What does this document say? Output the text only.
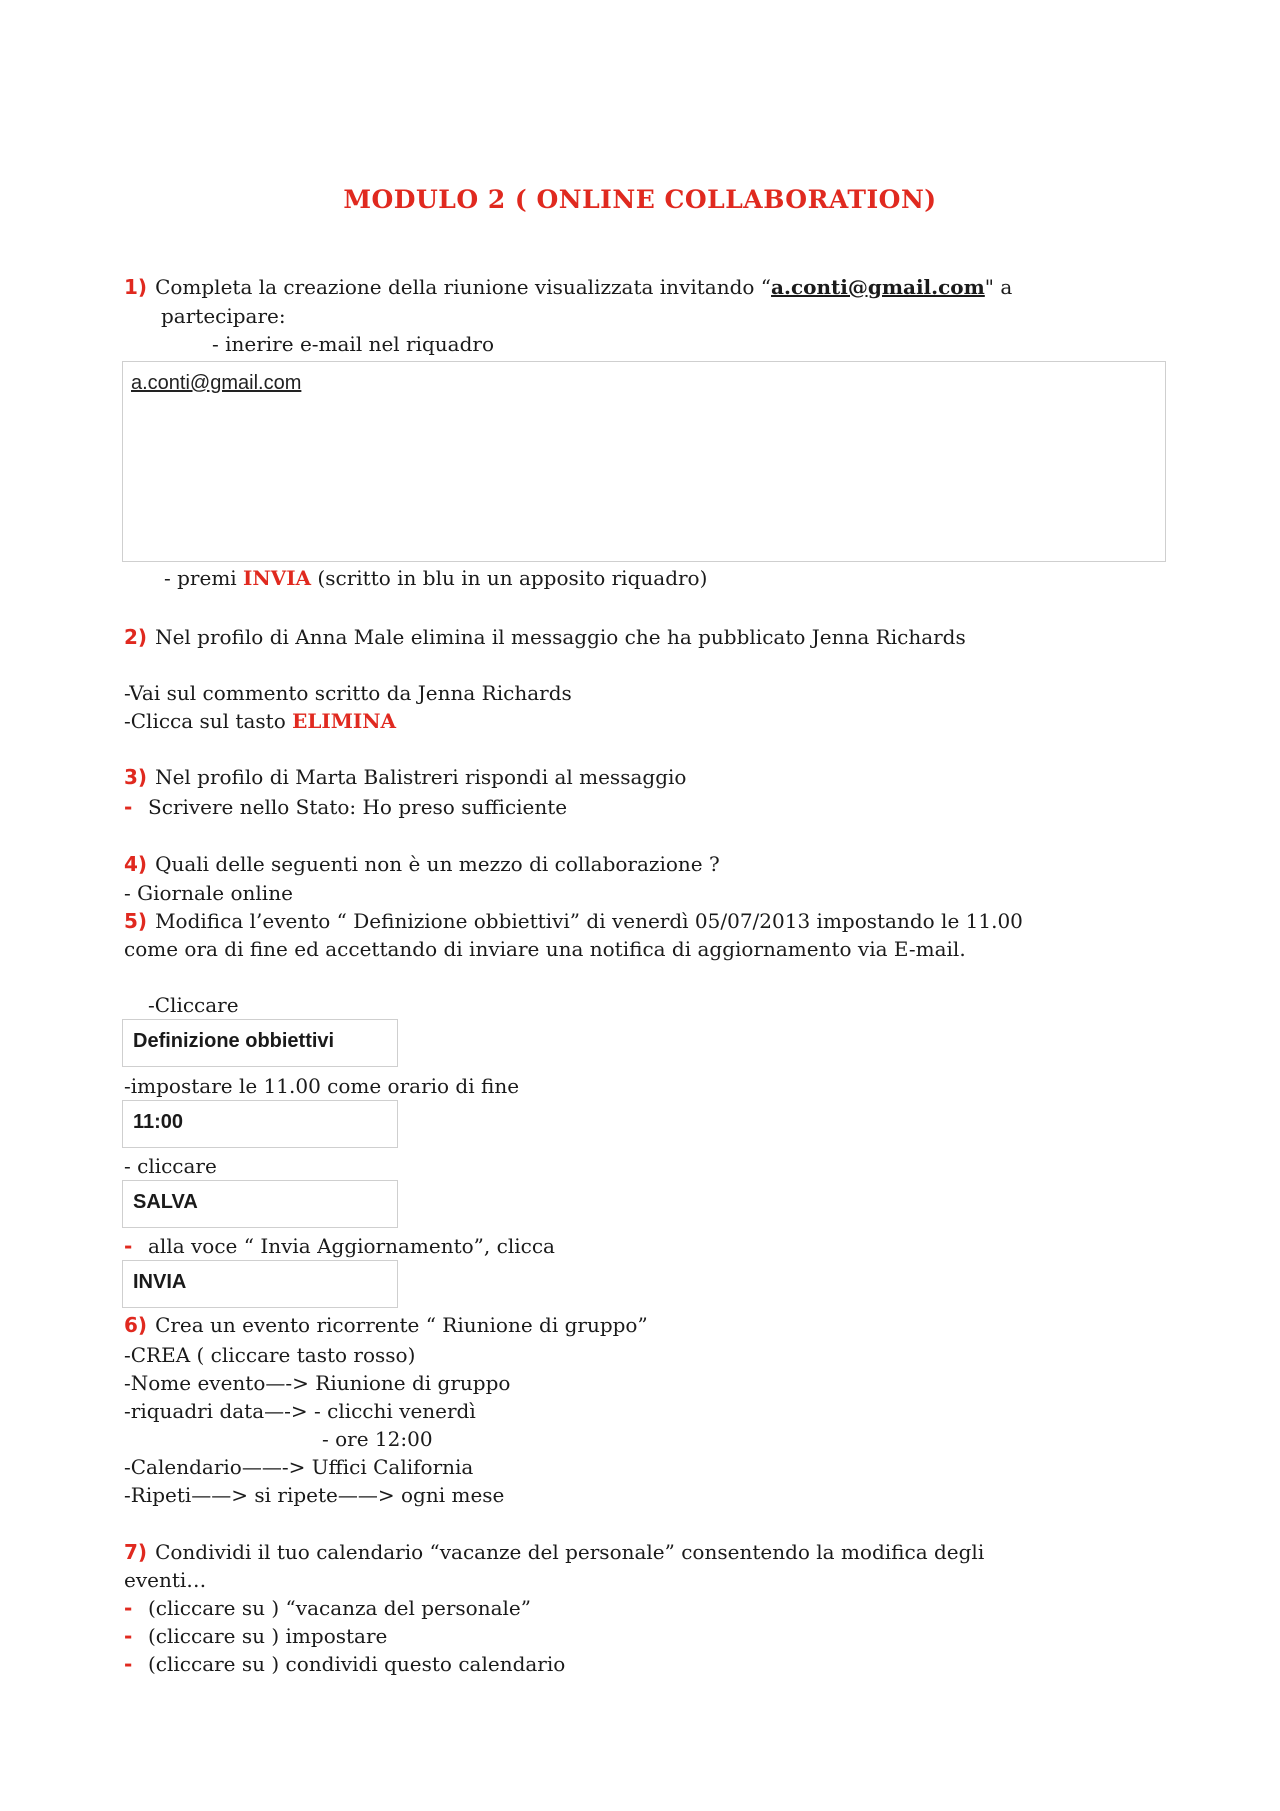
MODULO 2 ( ONLINE COLLABORATION)
1) Completa la creazione della riunione visualizzata invitando “a.conti@gmail.com" a
partecipare:
- inerire e-mail nel riquadro
a.conti@gmail.com
- premi INVIA (scritto in blu in un apposito riquadro)
2) Nel profilo di Anna Male elimina il messaggio che ha pubblicato Jenna Richards
-Vai sul commento scritto da Jenna Richards
-Clicca sul tasto ELIMINA
3) Nel profilo di Marta Balistreri rispondi al messaggio
- Scrivere nello Stato: Ho preso sufficiente
4) Quali delle seguenti non è un mezzo di collaborazione ?
- Giornale online
5) Modifica l’evento “ Definizione obbiettivi” di venerdì 05/07/2013 impostando le 11.00
come ora di fine ed accettando di inviare una notifica di aggiornamento via E-mail.
-Cliccare
Definizione obbiettivi
-impostare le 11.00 come orario di fine
11:00
- cliccare
SALVA
- alla voce “ Invia Aggiornamento”, clicca
INVIA
6) Crea un evento ricorrente “ Riunione di gruppo”
-CREA ( cliccare tasto rosso)
-Nome evento—-> Riunione di gruppo
-riquadri data—-> - clicchi venerdì
- ore 12:00
-Calendario——-> Uffici California
-Ripeti——> si ripete——> ogni mese
7) Condividi il tuo calendario “vacanze del personale” consentendo la modifica degli
eventi…
- (cliccare su ) “vacanza del personale”
- (cliccare su ) impostare
- (cliccare su ) condividi questo calendario
